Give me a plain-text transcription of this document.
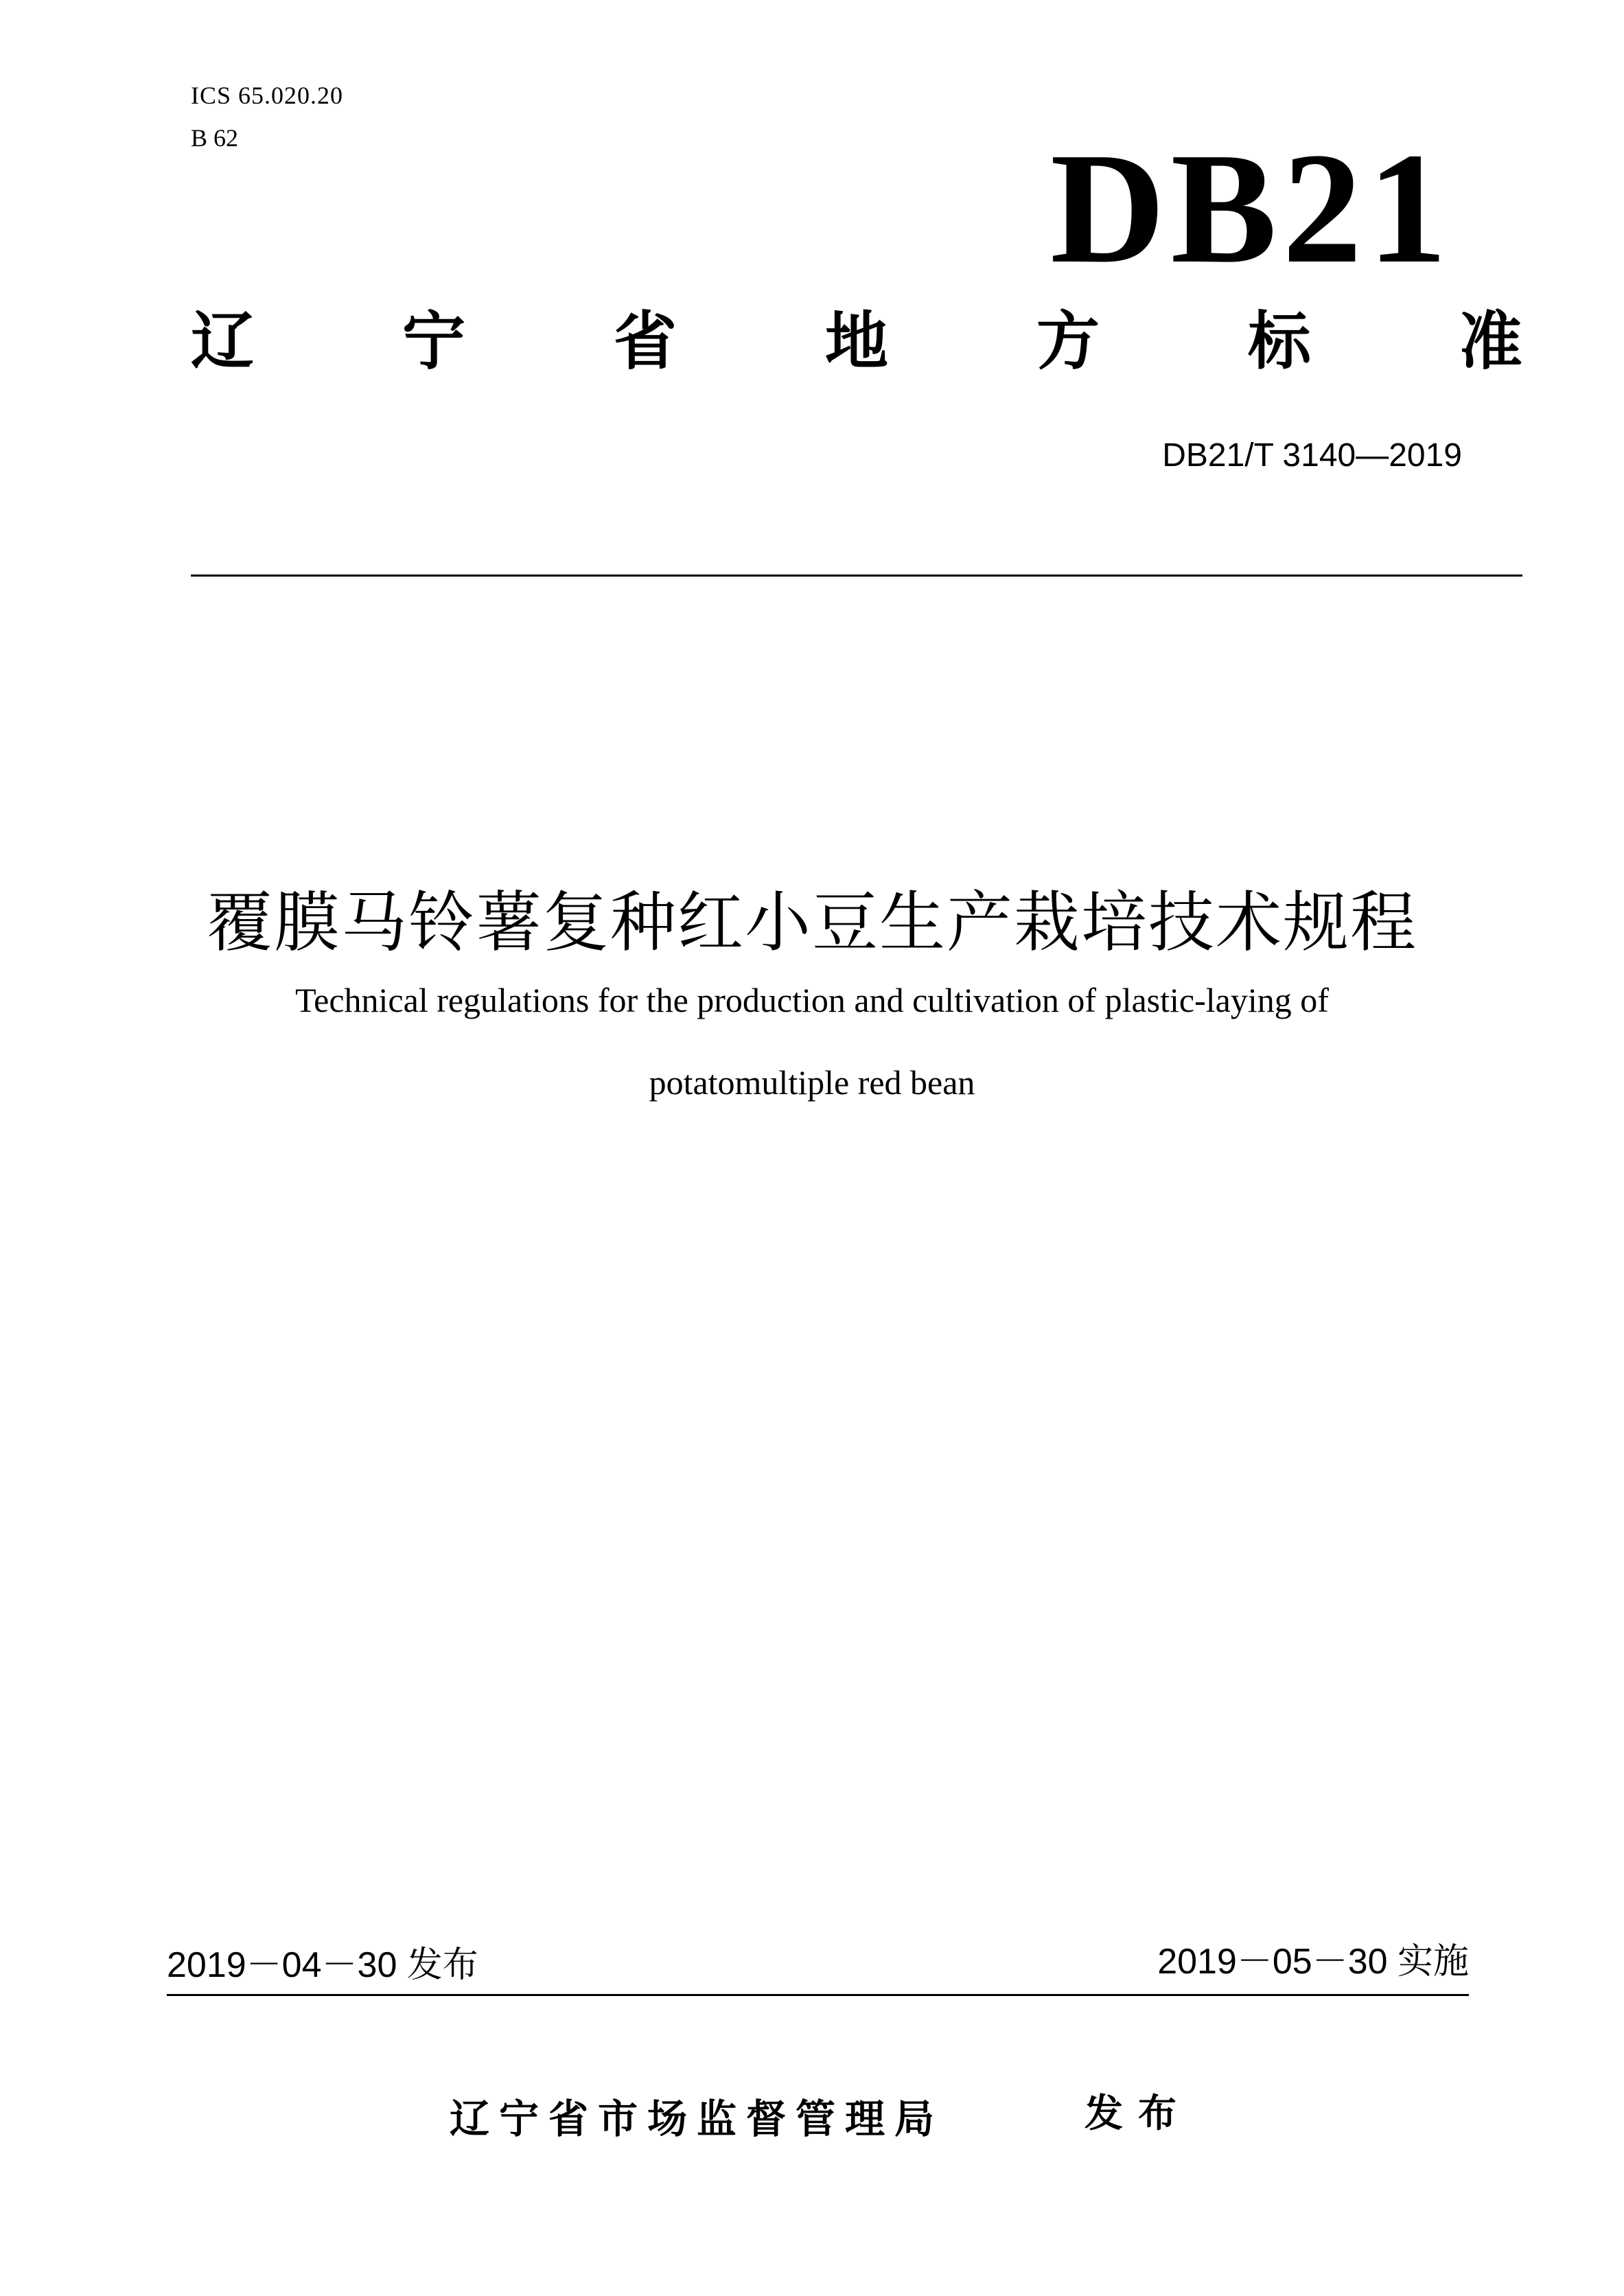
ICS 65.020.20
B 62	DB21
辽 宁 省 地 方 标 准
DB21/T 3140—2019
覆膜马铃薯复种红小豆生产栽培技术规程
Technical regulations for the production and cultivation of plastic-laying of
potatomultiple red bean
2019－04－30 发布	2019－05－30 实施
辽宁省市场监督管理局	发布
